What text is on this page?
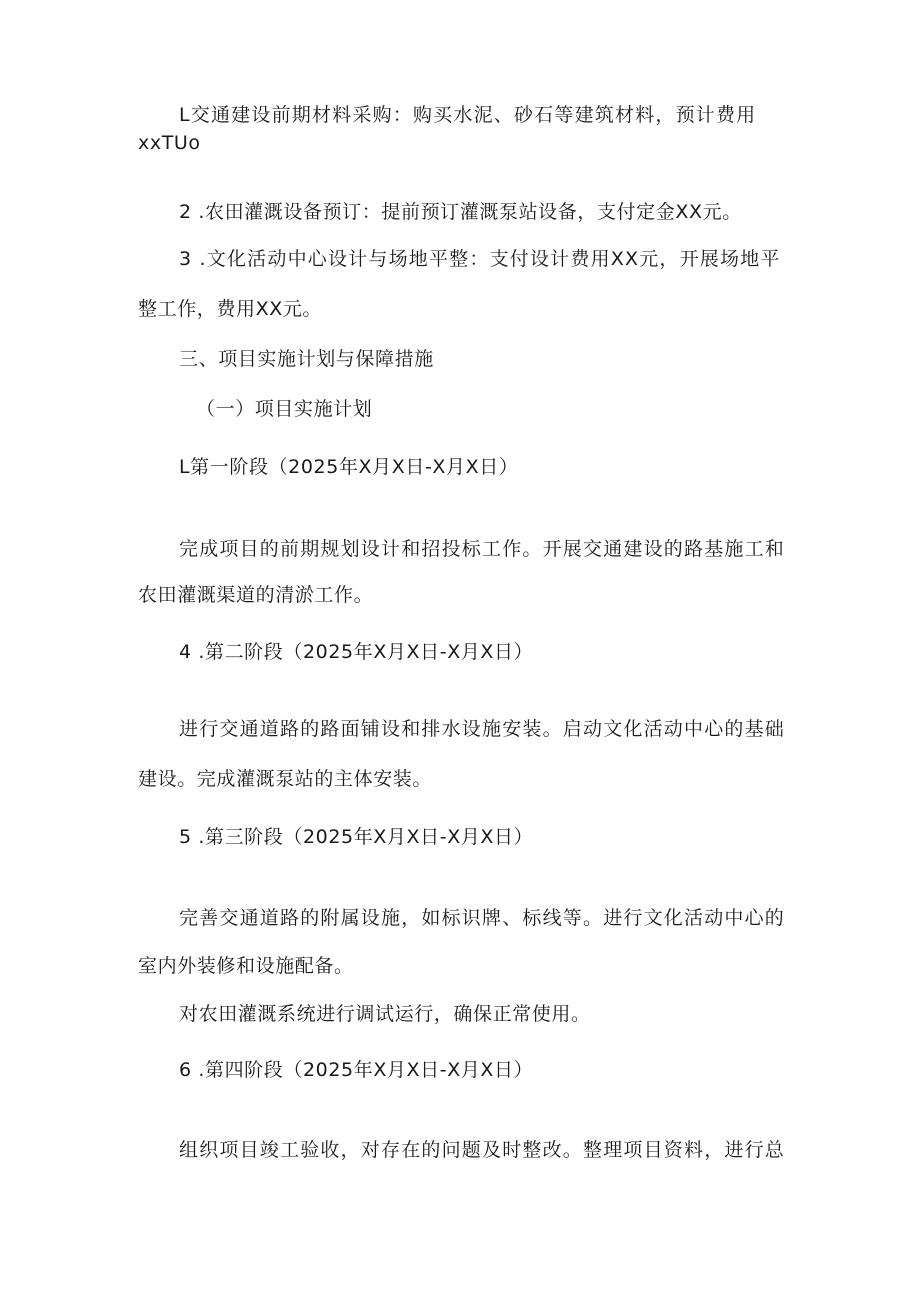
L交通建设前期材料采购：购买水泥、砂石等建筑材料，预计费用
xxTUo
2 .农田灌溉设备预订：提前预订灌溉泵站设备，支付定金XX元。
3 .文化活动中心设计与场地平整：支付设计费用XX元，开展场地平
整工作，费用XX元。
三、项目实施计划与保障措施
（一）项目实施计划
L第一阶段（2025年X月X日-X月X日）
完成项目的前期规划设计和招投标工作。开展交通建设的路基施工和
农田灌溉渠道的清淤工作。
4 .第二阶段（2025年X月X日-X月X日）
进行交通道路的路面铺设和排水设施安装。启动文化活动中心的基础
建设。完成灌溉泵站的主体安装。
5 .第三阶段（2025年X月X日-X月X日）
完善交通道路的附属设施，如标识牌、标线等。进行文化活动中心的
室内外装修和设施配备。
对农田灌溉系统进行调试运行，确保正常使用。
6 .第四阶段（2025年X月X日-X月X日）
组织项目竣工验收，对存在的问题及时整改。整理项目资料，进行总
